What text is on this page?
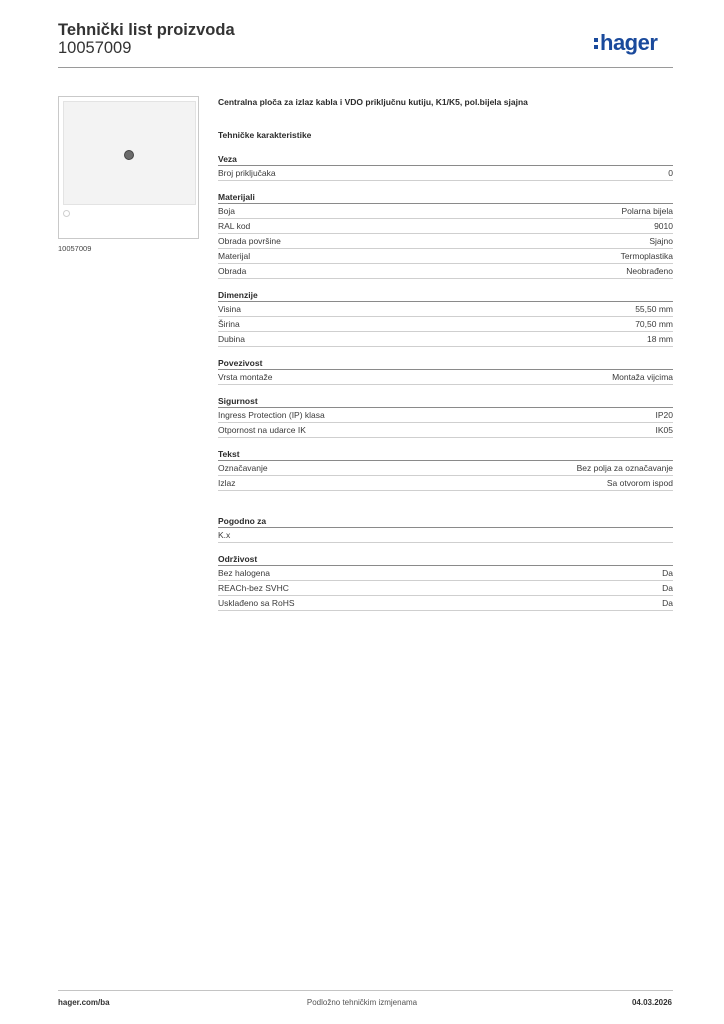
Tehnički list proizvoda
10057009	hager
10057009
Centralna ploča za izlaz kabla i VDO priključnu kutiju, K1/K5, pol.bijela sjajna
Tehničke karakteristike
Veza
Broj priključaka	0
Materijali
Boja	Polarna bijela
RAL kod	9010
Obrada površine	Sjajno
Materijal	Termoplastika
Obrada	Neobrađeno
Dimenzije
Visina	55,50 mm
Širina	70,50 mm
Dubina	18 mm
Povezivost
Vrsta montaže	Montaža vijcima
Sigurnost
Ingress Protection (IP) klasa	IP20
Otpornost na udarce IK	IK05
Tekst
Označavanje	Bez polja za označavanje
Izlaz	Sa otvorom ispod
Pogodno za
K.x
Održivost
Bez halogena	Da
REACh-bez SVHC	Da
Usklađeno sa RoHS	Da
hager.com/ba	Podložno tehničkim izmjenama	04.03.2026
